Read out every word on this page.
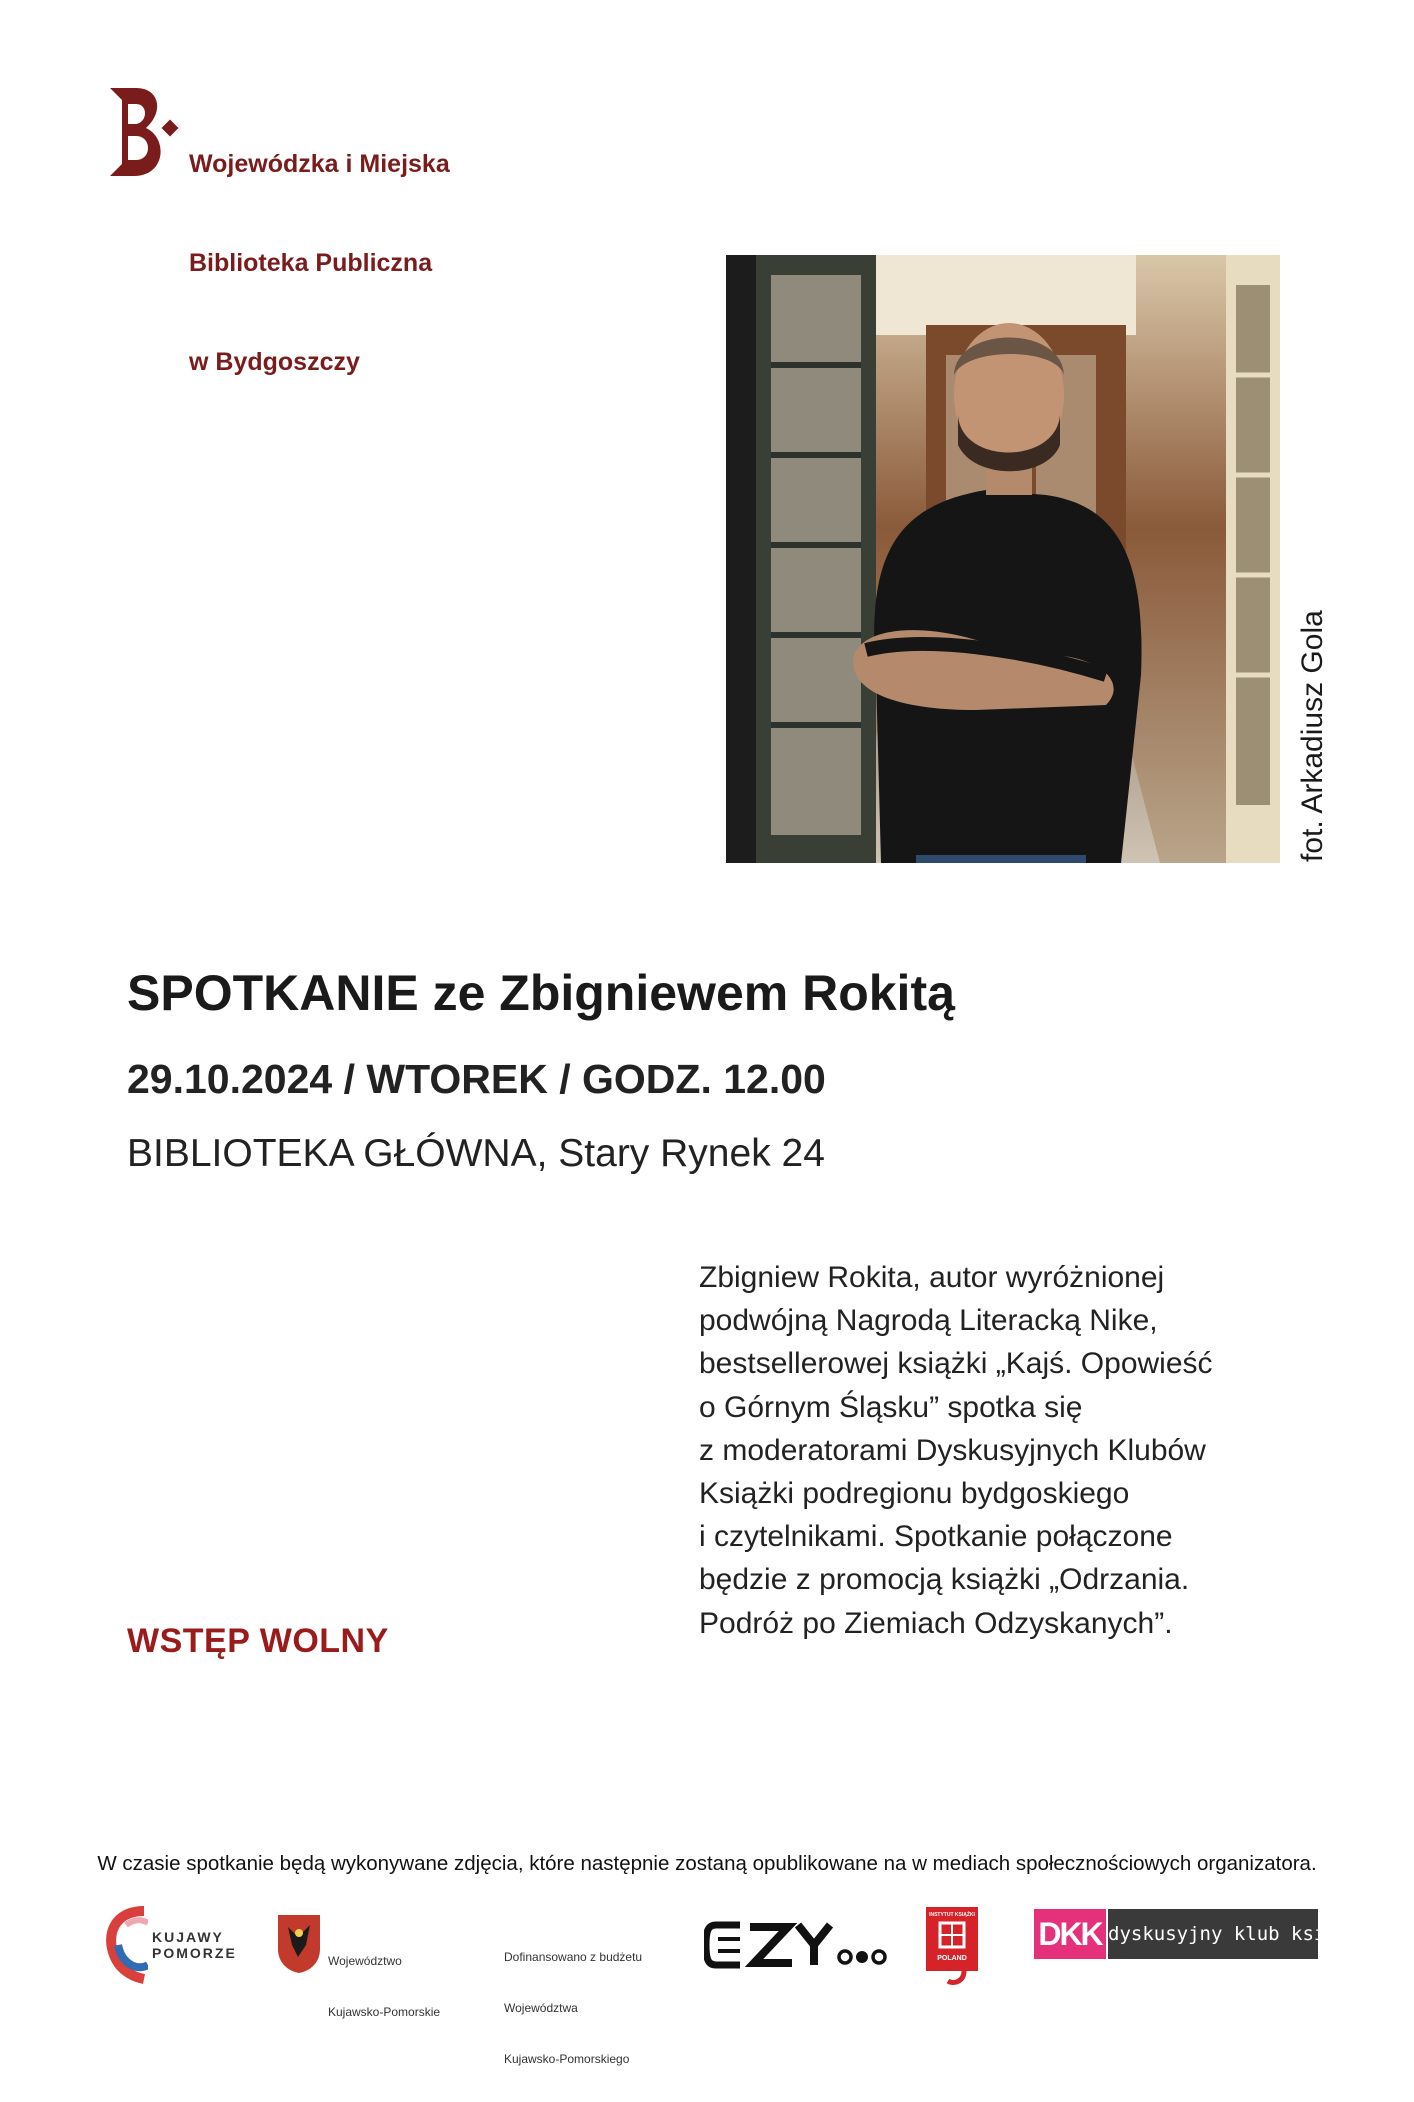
Wojewódzka i Miejska

Biblioteka Publiczna

w Bydgoszczy

fot. Arkadiusz Gola
SPOTKANIE ze Zbigniewem Rokitą
29.10.2024 / WTOREK / GODZ. 12.00
BIBLIOTEKA GŁÓWNA, Stary Rynek 24
Zbigniew Rokita, autor wyróżnionej
podwójną Nagrodą Literacką Nike,
bestsellerowej książki „Kajś. Opowieść
o Górnym Śląsku” spotka się
z moderatorami Dyskusyjnych Klubów
Książki podregionu bydgoskiego
i czytelnikami. Spotkanie połączone
będzie z promocją książki „Odrzania.
Podróż po Ziemiach Odzyskanych”.
WSTĘP WOLNY
W czasie spotkanie będą wykonywane zdjęcia, które następnie zostaną opublikowane na w mediach społecznościowych organizatora.
KUJAWY
POMORZE

	Województwo

Kujawsko-Pomorskie

Dofinansowano z budżetu

Województwa

Kujawsko-Pomorskiego

INSTYTUT KSIĄŻKI
POLAND
DKK dyskusyjny klub książki
